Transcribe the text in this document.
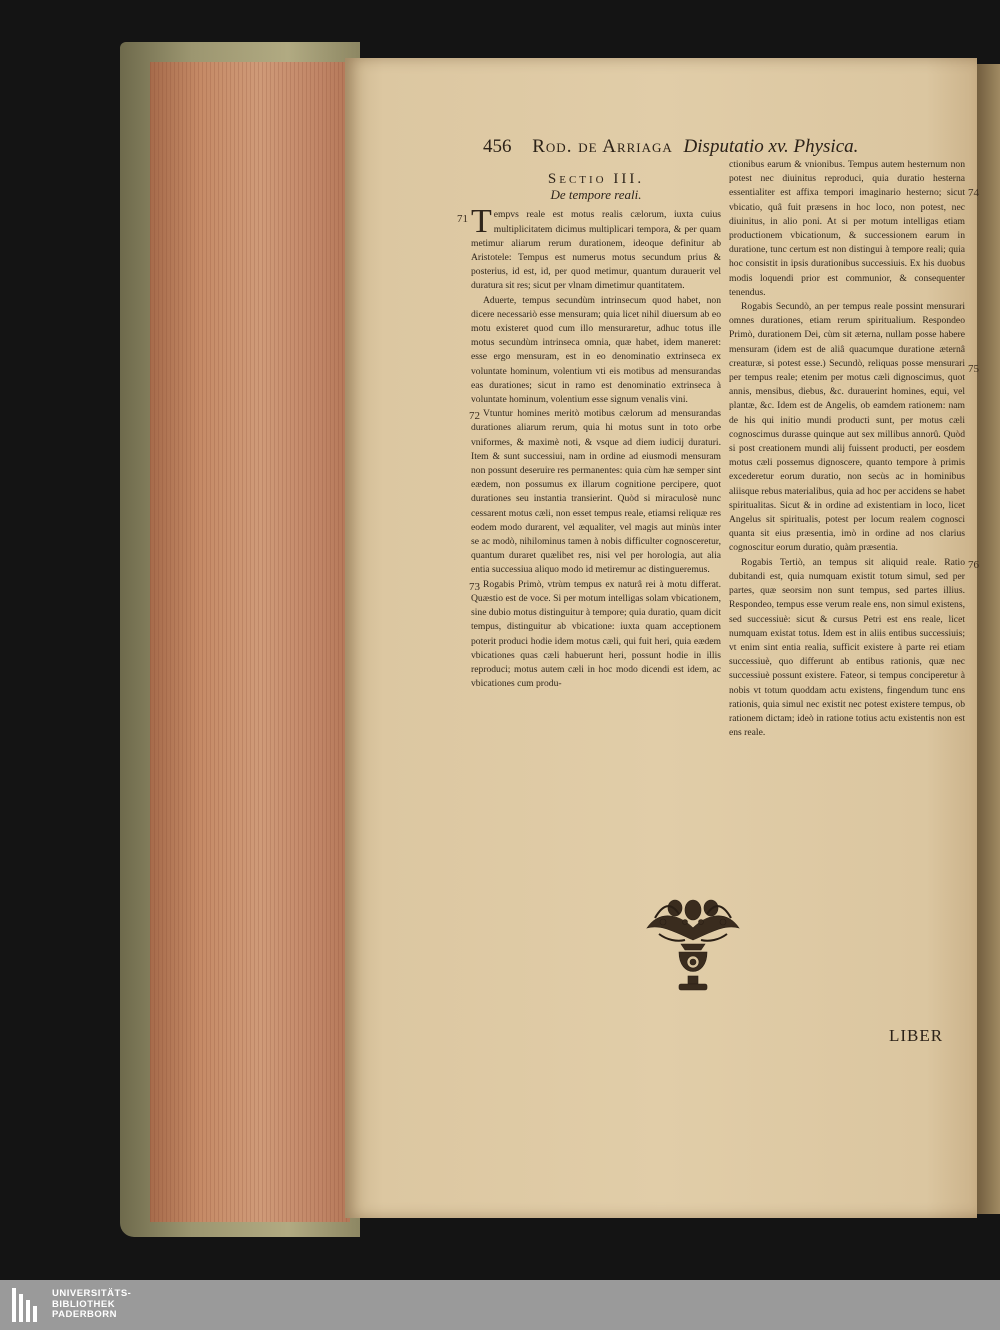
456 Rod. de Arriaga Disputatio xv. Physica.
Sectio III.
De tempore reali.

71 T empvs reale est motus realis cælorum, iuxta cuius multiplicitatem dicimus multiplicari tempora, & per quam metimur aliarum rerum durationem, ideoque definitur ab Aristotele: Tempus est numerus motus secundum prius & posterius, id est, id, per quod metimur, quantum durauerit vel duratura sit res; sicut per vlnam dimetimur quantitatem.

Aduerte, tempus secundùm intrinsecum quod habet, non dicere necessariò esse mensuram; quia licet nihil diuersum ab eo motu existeret quod cum illo mensuraretur, adhuc totus ille motus secundùm intrinseca omnia, quæ habet, idem maneret: esse ergo mensuram, est in eo denominatio extrinseca ex voluntate hominum, volentium vti eis motibus ad mensurandas eas durationes; sicut in ramo est denominatio extrinseca à voluntate hominum, volentium esse signum venalis vini.

72 Vtuntur homines meritò motibus cælorum ad mensurandas durationes aliarum rerum, quia hi motus sunt in toto orbe vniformes, & maximè noti, & vsque ad diem iudicij duraturi. Item & sunt successiui, nam in ordine ad eiusmodi mensuram non possunt deseruire res permanentes: quia cùm hæ semper sint eædem, non possumus ex illarum cognitione percipere, quot durationes seu instantia transierint. Quòd si miraculosè nunc cessarent motus cæli, non esset tempus reale, etiamsi reliquæ res eodem modo durarent, vel æqualiter, vel magis aut minùs inter se ac modò, nihilominus tamen à nobis difficulter cognosceretur, quantum duraret quælibet res, nisi vel per horologia, aut alia entia successiua aliquo modo id metiremur ac distingueremus.

73 Rogabis Primò, vtrùm tempus ex naturâ rei à motu differat. Quæstio est de voce. Si per motum intelligas solam vbicationem, sine dubio motus distinguitur à tempore; quia duratio, quam dicit tempus, distinguitur ab vbicatione: iuxta quam acceptionem poterit produci hodie idem motus cæli, qui fuit heri, quia eædem vbicationes quas cæli habuerunt heri, possunt hodie in illis reproduci; motus autem cæli in hoc modo dicendi est idem, ac vbicationes cum produ-

74
ctionibus earum & vnionibus. Tempus autem hesternum non potest nec diuinitus reproduci, quia duratio hesterna essentialiter est affixa tempori imaginario hesterno; sicut vbicatio, quâ fuit præsens in hoc loco, non potest, nec diuinitus, in alio poni. At si per motum intelligas etiam productionem vbicationum, & successionem earum in duratione, tunc certum est non distingui à tempore reali; quia hoc consistit in ipsis durationibus successiuis. Ex his duobus modis loquendi prior est communior, & consequenter tenendus.

75
Rogabis Secundò, an per tempus reale possint mensurari omnes durationes, etiam rerum spiritualium. Respondeo Primò, durationem Dei, cùm sit æterna, nullam posse habere mensuram (idem est de aliâ quacumque duratione æternâ creaturæ, si potest esse.) Secundò, reliquas posse mensurari per tempus reale; etenim per motus cæli dignoscimus, quot annis, mensibus, diebus, &c. durauerint homines, equi, vel plantæ, &c. Idem est de Angelis, ob eamdem rationem: nam de his qui initio mundi producti sunt, per motus cæli cognoscimus durasse quinque aut sex millibus annorû. Quòd si post creationem mundi alij fuissent producti, per eosdem motus cæli possemus dignoscere, quanto tempore à primis excederetur eorum duratio, non secùs ac in hominibus aliisque rebus materialibus, quia ad hoc per accidens se habet spiritualitas. Sicut & in ordine ad existentiam in loco, licet Angelus sit spiritualis, potest per locum realem cognosci quanta sit eius præsentia, imò in ordine ad nos clarius cognoscitur eorum duratio, quàm præsentia.

76
Rogabis Tertiò, an tempus sit aliquid reale. Ratio dubitandi est, quia numquam existit totum simul, sed per partes, quæ seorsim non sunt tempus, sed partes illius. Respondeo, tempus esse verum reale ens, non simul existens, sed successiuè: sicut & cursus Petri est ens reale, licet numquam existat totus. Idem est in aliis entibus successiuis; vt enim sint entia realia, sufficit existere à parte rei etiam successiuè, quo differunt ab entibus rationis, quæ nec successiuè possunt existere. Fateor, si tempus conciperetur à nobis vt totum quoddam actu existens, fingendum tunc ens rationis, quia simul nec existit nec potest existere tempus, ob rationem dictam; ideò in ratione totius actu existentis non est ens reale.

LIBER
UNIVERSITÄTS-
BIBLIOTHEK
PADERBORN
